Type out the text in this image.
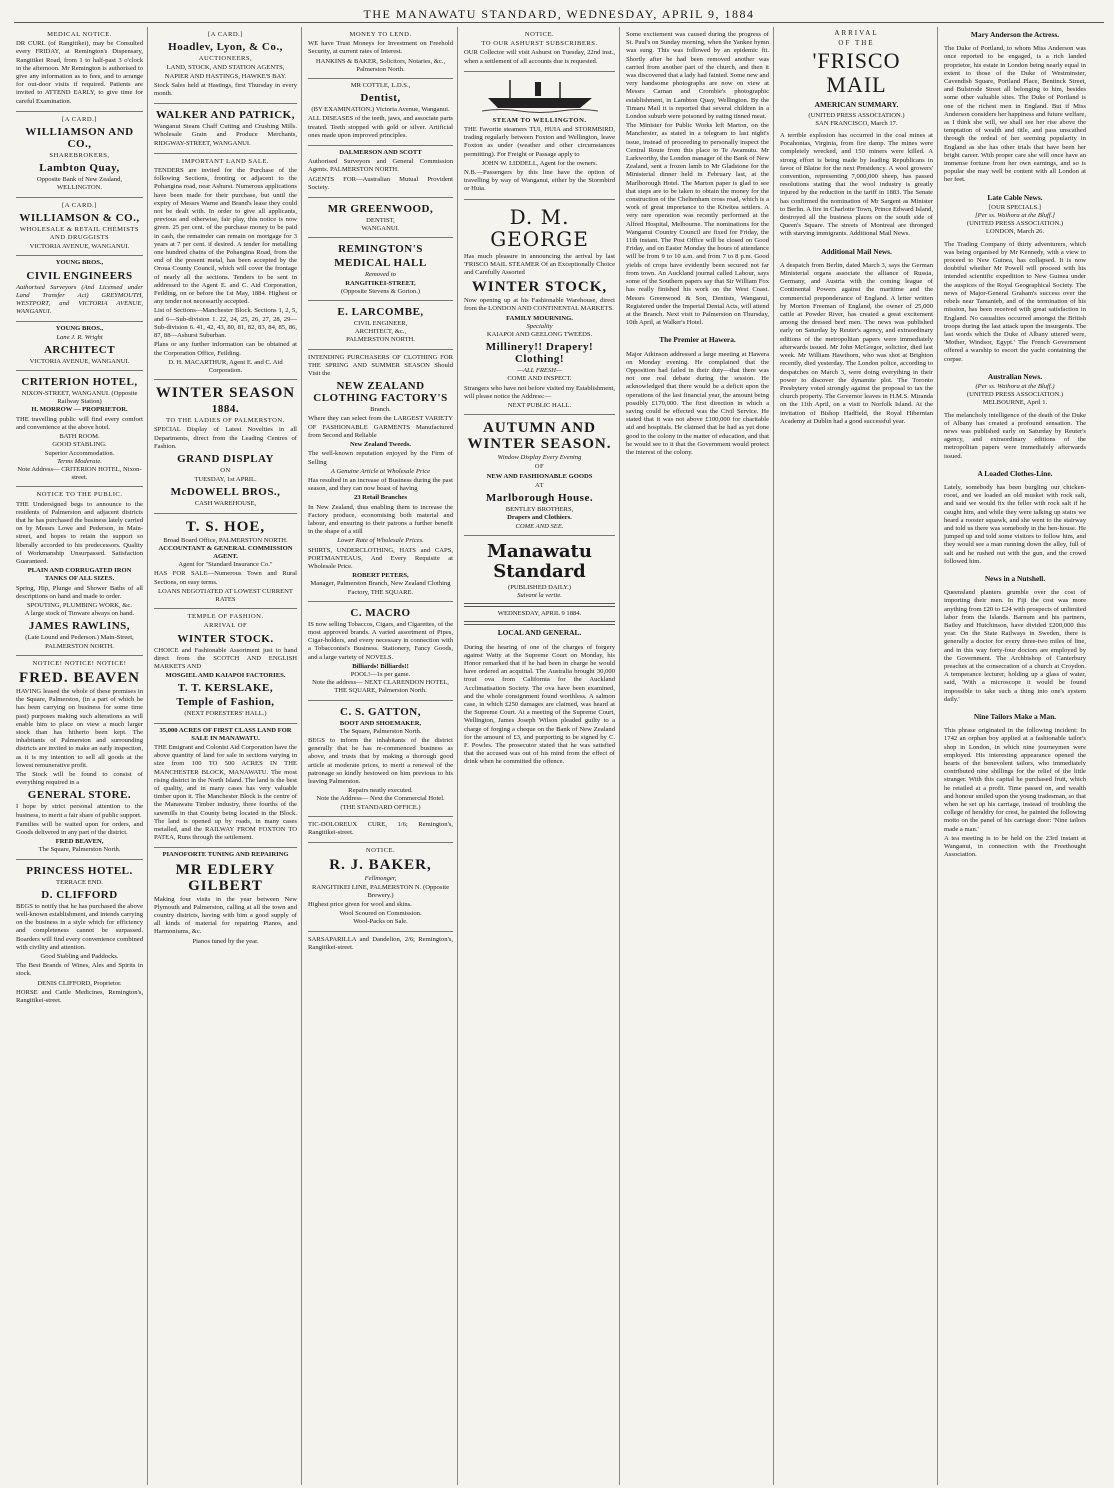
THE MANAWATU STANDARD, WEDNESDAY, APRIL 9, 1884
MEDICAL NOTICE.

DR CURL (of Rangitikei), may be Consulted every FRIDAY, at Remington's Dispensary, Rangitikei Road, from 1 to half-past 3 o'clock in the afternoon. Mr Remington is authorised to give any information as to fees, and to arrange for out-door visits if required. Patients are invited to ATTEND EARLY, to give time for careful Examination.

[A CARD.]
WILLIAMSON AND CO.,
SHAREBROKERS,
Lambton Quay,
Opposite Bank of New Zealand, WELLINGTON.
[A CARD.]
WILLIAMSON & CO.,
WHOLESALE & RETAIL CHEMISTS AND DRUGGISTS
VICTORIA AVENUE, WANGANUI.
YOUNG BROS.,
CIVIL ENGINEERS

Authorised Surveyors (And Licensed under Land Transfer Act) GREYMOUTH, WESTPORT, and VICTORIA AVENUE, WANGANUI.

YOUNG BROS.,
Lane J. R. Wright
ARCHITECT
VICTORIA AVENUE, WANGANUI.
CRITERION HOTEL,
NIXON-STREET, WANGANUI. (Opposite Railway Station)
H. MORROW — PROPRIETOR.

THE travelling public will find every comfort and convenience at the above hotel.

BATH ROOM.
GOOD STABLING.
Superior Accommodation.
Terms Moderate.
Note Address— CRITERION HOTEL, Nixon-street.
NOTICE TO THE PUBLIC.

THE Undersigned begs to announce to the residents of Palmerston and adjacent districts that he has purchased the business lately carried on by Messrs Lowe and Pederson, in Main-street, and hopes to retain the support so liberally accorded to his predecessors. Quality of Workmanship Unsurpassed. Satisfaction Guaranteed.

PLAIN AND CORRUGATED IRON TANKS OF ALL SIZES.

Spring, Hip, Plunge and Shower Baths of all descriptions on hand and made to order.

SPOUTING, PLUMBING WORK, &c.
A large stock of Tinware always on hand.
JAMES RAWLINS,
(Late Lound and Pederson.) Main-Street, PALMERSTON NORTH.
NOTICE! NOTICE! NOTICE!
FRED. BEAVEN

HAVING leased the whole of these premises in the Square, Palmerston, (in a part of which he has been carrying on business for some time past) purposes making such alterations as will enable him to place on view a much larger stock than has hitherto been kept. The inhabitants of Palmerston and surrounding districts are invited to make an early inspection, as it is my intention to sell all goods at the lowest remunerative profit.

The Stock will be found to consist of everything required in a

GENERAL STORE.

I hope by strict personal attention to the business, to merit a fair share of public support.

Families will be waited upon for orders, and Goods delivered in any part of the district.

FRED BEAVEN,
The Square, Palmerston North.
PRINCESS HOTEL.
TERRACE END.
D. CLIFFORD

BEGS to notify that he has purchased the above well-known establishment, and intends carrying on the business in a style which for efficiency and completeness cannot be surpassed. Boarders will find every convenience combined with civility and attention.

Good Stabling and Paddocks.

The Best Brands of Wines, Ales and Spirits in stock.

DENIS CLIFFORD, Proprietor.

HORSE and Cattle Medicines, Remington's, Rangitikei-street.

[A CARD.]
Hoadlev, Lyon, & Co.,
AUCTIONEERS,
LAND, STOCK, AND STATION AGENTS, NAPIER AND HASTINGS, HAWKE'S BAY.

Stock Sales held at Hastings, first Thursday in every month.

WALKER AND PATRICK,

Wanganui Steam Chaff Cutting and Crushing Mills. Wholesale Grain and Produce Merchants, RIDGWAY-STREET, WANGANUI.

IMPORTANT LAND SALE.

TENDERS are invited for the Purchase of the following Sections, fronting or adjacent to the Pohangina road, near Ashurst. Numerous applications have been made for their purchase, but until the expiry of Messrs Warne and Brand's lease they could not be dealt with. In order to give all applicants, previous and otherwise, fair play, this notice is now given. 25 per cent. of the purchase money to be paid in cash, the remainder can remain on mortgage for 3 years at 7 per cent. if desired. A tender for metalling one hundred chains of the Pohangina Road, from the end of the present metal, has been accepted by the Oroua County Council, which will cover the frontage of nearly all the sections. Tenders to be sent in addressed to the Agent E. and C. Aid Corporation, Feilding, on or before the 1st May, 1884. Highest or any tender not necessarily accepted.

List of Sections—Manchester Block. Sections 1, 2, 5, and 6—Sub-division 1. 22, 24, 25, 26, 27, 28, 29—Sub-division 6. 41, 42, 43, 80, 81, 82, 83, 84, 85, 86, 87, 88—Ashurst Suburban.

Plans or any further information can be obtained at the Corporation Office, Feilding.

D. H. MACARTHUR, Agent E. and C. Aid Corporation.
WINTER SEASON
1884.
TO THE LADIES OF PALMERSTON.

SPECIAL Display of Latest Novelties in all Departments, direct from the Leading Centres of Fashion.

GRAND DISPLAY
ON
TUESDAY, 1st APRIL.
McDOWELL BROS.,
CASH WAREHOUSE,
T. S. HOE,
Broad Board Office, PALMERSTON NORTH.
ACCOUNTANT & GENERAL COMMISSION AGENT.
Agent for "Standard Insurance Co."

HAS FOR SALE—Numerous Town and Rural Sections, on easy terms.

LOANS NEGOTIATED AT LOWEST CURRENT RATES
TEMPLE OF FASHION.
ARRIVAL OF
WINTER STOCK.

CHOICE and Fashionable Assortment just to hand direct from the SCOTCH AND ENGLISH MARKETS AND

MOSGIEL AMD KAIAPOI FACTORIES.
T. T. KERSLAKE,
Temple of Fashion,
(NEXT FORESTERS' HALL.)
35,000 ACRES OF FIRST CLASS LAND FOR SALE IN MANAWATU.

THE Emigrant and Colonist Aid Corporation have the above quantity of land for sale in sections varying in size from 100 TO 500 ACRES IN THE MANCHESTER BLOCK, MANAWATU. The most rising district in the North Island. The land is the best of quality, and in many cases has very valuable timber upon it. The Manchester Block is the centre of the Manawatu Timber industry, three fourths of the sawmills in that County being located in the Block. The land is opened up by roads, in many cases metalled, and the RAILWAY FROM FOXTON TO PATEA, Runs through the settlement.

PIANOFORTE TUNING AND REPAIRING
MR EDLERY GILBERT

Making four visits in the year between New Plymouth and Palmerston, calling at all the town and country districts, having with him a good supply of all kinds of material for repairing Pianos, and Harmoniums, &c.

Pianos tuned by the year.
MONEY TO LEND.

WE have Trust Moneys for Investment on Freehold Security, at current rates of Interest.

HANKINS & BAKER, Solicitors, Notaries, &c., Palmerston North.
MR COTTLE, L.D.S.,
Dentist,
(BY EXAMINATION.) Victoria Avenue, Wanganui.

ALL DISEASES of the teeth, jaws, and associate parts treated. Teeth stopped with gold or silver. Artificial ones made upon improved principles.

DALMERSON AND SCOTT

Authorised Surveyors and General Commission Agents. PALMERSTON NORTH.

AGENTS FOR—Australian Mutual Provident Society.

MR GREENWOOD,
DENTIST,
WANGANUI.
REMINGTON'S
MEDICAL HALL
Removed to
RANGITIKEI-STREET,
(Opposite Stevens & Gorton.)
E. LARCOMBE,
CIVIL ENGINEER,
ARCHITECT, &c.,
PALMERSTON NORTH.

INTENDING PURCHASERS OF CLOTHING FOR THE SPRING AND SUMMER SEASON Should Visit the

NEW ZEALAND CLOTHING FACTORY'S
Branch.

Where they can select from the LARGEST VARIETY OF FASHIONABLE GARMENTS Manufactured from Second and Reliable

New Zealand Tweeds.

The well-known reputation enjoyed by the Firm of Selling

A Genuine Article at Wholesale Price

Has resulted in an increase of Business during the past season, and they can now boast of having

23 Retail Branches

In New Zealand, thus enabling them to increase the Factory produce, economising both material and labour, and ensuring to their patrons a further benefit in the shape of a still

Lower Rate of Wholesale Prices.

SHIRTS, UNDERCLOTHING, HATS and CAPS, PORTMANTEAUS, And Every Requisite at Wholesale Price.

ROBERT PETERS,
Manager, Palmerston Branch, New Zealand Clothing Factory, THE SQUARE.
C. MACRO

IS now selling Tobaccos, Cigars, and Cigarettes, of the most approved brands. A varied assortment of Pipes, Cigar-holders, and every necessary in connection with a Tobacconist's Business. Stationery, Fancy Goods, and a large variety of NOVELS.

Billiards! Billiards!!
POOL!—1s per game.
Note the address— NEXT CLARENDON HOTEL, THE SQUARE, Palmerston North.
C. S. GATTON,
BOOT AND SHOEMAKER,
The Square, Palmerston North.

BEGS to inform the inhabitants of the district generally that he has re-commenced business as above, and trusts that by making a thorough good article at moderate prices, to merit a renewal of the patronage so kindly bestowed on him previous to his leaving Palmerston.

Repairs neatly executed.
Note the Address— Next the Commercial Hotel. (THE STANDARD OFFICE.)

TIC-DOLOREUX CURE, 1/6; Remington's, Rangitikei-street.

NOTICE.
R. J. BAKER,
Fellmonger,
RANGITIKEI LINE, PALMERSTON N. (Opposite Brewery.)

Highest price given for wool and skins.

Wool Scoured on Commission.
Wool-Packs on Sale.

SARSAPARILLA and Dandelion, 2/6; Remington's, Rangitikei-street.

NOTICE.
TO OUR ASHURST SUBSCRIBERS.

OUR Collector will visit Ashurst on Tuesday, 22nd inst., when a settlement of all accounts due is requested.

STEAM TO WELLINGTON.

THE Favorite steamers TUI, HUIA and STORMBIRD, trading regularly between Foxton and Wellington, leave Foxton as under (weather and other circumstances permitting). For Freight or Passage apply to

JOHN W. LIDDELL, Agent for the owners.

N.B.—Passengers by this line have the option of travelling by way of Wanganui, either by the Stormbird or Huia.

D. M. GEORGE

Has much pleasure in announcing the arrival by last 'FRISCO MAIL STEAMER Of an Exceptionally Choice and Carefully Assorted

WINTER STOCK,

Now opening up at his Fashionable Warehouse, direct from the LONDON AND CONTINENTAL MARKETS.

FAMILY MOURNING.
Speciality
KAIAPOI AND GEELONG TWEEDS.
Millinery!! Drapery! Clothing!
—ALL FRESH—
COME AND INSPECT.

Strangers who have not before visited my Establishment, will please notice the Address:—

NEXT PUBLIC HALL.
AUTUMN AND WINTER SEASON.
Window Display Every Evening
OF
NEW AND FASHIONABLE GOODS
AT
Marlborough House.
BENTLEY BROTHERS,
Drapers and Clothiers.
COME AND SEE.
Manawatu Standard
(PUBLISHED DAILY.)
Suivant la verite.
WEDNESDAY, APRIL 9 1884.
LOCAL AND GENERAL.

During the hearing of one of the charges of forgery against Watty at the Supreme Court on Monday, his Honor remarked that if he had been in charge he would have ordered an acquittal. The Australia brought 30,000 trout ova from California for the Auckland Acclimatisation Society. The ova have been examined, and the whole consignment found worthless. A salmon case, in which £250 damages are claimed, was heard at the Supreme Court. At a meeting of the Supreme Court, Wellington, James Joseph Wilson pleaded guilty to a charge of forging a cheque on the Bank of New Zealand for the amount of £3, and purporting to be signed by C. F. Powles. The prosecutor stated that he was satisfied that the accused was out of his mind from the effect of drink when he committed the offence.

Some excitement was caused during the progress of St. Paul's on Sunday morning, when the Yankee hymn was sung. This was followed by an epidemic fit. Shortly after he had been removed another was carried from another part of the church, and then it was discovered that a lady had fainted. Some new and very handsome photographs are now on view at Messrs Carnan and Crombie's photographic establishment, in Lambton Quay, Wellington. By the Timaru Mail it is reported that several children in a London suburb were poisoned by eating tinned meat.

The Minister for Public Works left Marton, on the Manchester, as stated in a telegram to last night's issue, instead of proceeding to personally inspect the Central Route from this place to Te Awamutu. Mr Larkworthy, the London manager of the Bank of New Zealand, sent a frozen lamb to Mr Gladstone for the Ministerial dinner held in February last, at the Marlborough Hotel. The Marton paper is glad to see that steps are to be taken to obtain the money for the construction of the Cheltenham cross road, which is a work of great importance to the Kiwitea settlers. A very rare operation was recently performed at the Alfred Hospital, Melbourne. The nominations for the Wanganui Country Council are fixed for Friday, the 11th instant. The Post Office will be closed on Good Friday, and on Easter Monday the hours of attendance will be from 9 to 10 a.m. and from 7 to 8 p.m. Good yields of crops have evidently been secured not far from town. An Auckland journal called Labour, says some of the Southern papers say that Sir William Fox has really finished his work on the West Coast. Messrs Greenwood & Son, Dentists, Wanganui, Registered under the Imperial Dental Acts, will attend at the Branch. Next visit to Palmerston on Thursday, 10th April, at Walker's Hotel.

The Premier at Hawera.

Major Atkinson addressed a large meeting at Hawera on Monday evening. He complained that the Opposition had failed in their duty—that there was not one real debate during the session. He acknowledged that there would be a deficit upon the operations of the last financial year, the amount being possibly £170,000. The first direction in which a saving could be effected was the Civil Service. He stated that it was not above £100,000 for charitable aid and hospitals. He claimed that he had as yet done good to the colony in the matter of education, and that he would see to it that the Government would protect the interest of the colony.

ARRIVAL
OF THE
'FRISCO MAIL
AMERICAN SUMMARY.
(UNITED PRESS ASSOCIATION.)
SAN FRANCISCO, March 17.

A terrible explosion has occurred in the coal mines at Pocahontas, Virginia, from fire damp. The mines were completely wrecked, and 150 miners were killed. A strong effort is being made by leading Republicans in favor of Blaine for the next Presidency. A wool growers' convention, representing 7,000,000 sheep, has passed resolutions stating that the wool industry is greatly injured by the reduction in the tariff in 1883. The Senate has confirmed the nomination of Mr Sargent as Minister to Berlin. A fire in Charlotte Town, Prince Edward Island, destroyed all the business places on the south side of Queen's Square. The streets of Montreal are thronged with starving immigrants. Additional Mail News.

Additional Mail News.

A despatch from Berlin, dated March 3, says the German Ministerial organs associate the alliance of Russia, Germany, and Austria with the coming league of Continental Powers against the maritime and the commercial preponderance of England. A letter written by Morton Freeman of England, the owner of 25,000 cattle at Powder River, has created a great excitement among the dressed beef men. The news was published early on Saturday by Reuter's agency, and extraordinary editions of the metropolitan papers were immediately afterwards issued. Mr John McGregor, solicitor, died last week. Mr William Hawthorn, who was shot at Brighton recently, died yesterday. The London police, according to despatches on March 3, were doing everything in their power to discover the dynamite plot. The Toronto Presbytery voted strongly against the proposal to tax the church property. The Governor leaves in H.M.S. Miranda on the 11th April, on a visit to Norfolk Island. At the invitation of Bishop Hadfield, the Royal Hibernian Academy at Dublin had a good successful year.

Mary Anderson the Actress.

The Duke of Portland, to whom Miss Anderson was once reported to be engaged, is a rich landed proprietor, his estate in London being nearly equal in extent to those of the Duke of Westminster, Cavendish Square, Portland Place, Bentinck Street, and Bulstrode Street all belonging to him, besides some other valuable sites. The Duke of Portland is one of the richest men in England. But if Miss Anderson considers her happiness and future welfare, as I think she will, we shall see her rise above the temptation of wealth and title, and pass unscathed through the ordeal of her seeming popularity in England as she has other trials that have been her bright career. With proper care she will once have an immense fortune from her own earnings, and so is popular she may well be content with all London at her feet.

Late Cable News.
[OUR SPECIALS.]
[Per ss. Waihora at the Bluff.]
(UNITED PRESS ASSOCIATION.)
LONDON, March 26.

The Trading Company of thirty adventurers, which was being organised by Mr Kennedy, with a view to proceed to New Guinea, has collapsed. It is now doubtful whether Mr Powell will proceed with his intended scientific expedition to New Guinea under the auspices of the Royal Geographical Society. The news of Major-General Graham's success over the rebels near Tamanieb, and of the termination of his mission, has been received with great satisfaction in England. No casualties occurred amongst the British troops during the last attack upon the insurgents. The last words which the Duke of Albany uttered were, 'Mother, Windsor, Egypt.' The French Government offered a warship to escort the yacht containing the corpse.

Australian News.
(Per ss. Waihora at the Bluff.)
(UNITED PRESS ASSOCIATION.)
MELBOURNE, April 1.

The melancholy intelligence of the death of the Duke of Albany has created a profound sensation. The news was published early on Saturday by Reuter's agency, and extraordinary editions of the metropolitan papers were immediately afterwards issued.

A Loaded Clothes-Line.

Lately, somebody has been burgling our chicken-roost, and we loaded an old musket with rock salt, and said we would fix the feller with rock salt if he caught him, and while they were talking up stairs we heard a rooster squawk, and she went to the stairway and told us there was somebody in the hen-house. He jumped up and told some visitors to follow him, and they would see a man running down the alley, full of salt and he rushed out with the gun, and the crowd followed him.

News in a Nutshell.

Queensland planters grumble over the cost of importing their men. In Fiji the cost was more anything from £20 to £24 with prospects of unlimited labor from the Islands. Barnum and his partners, Bailey and Hutchinson, have divided £200,000 this year. On the State Railways in Sweden, there is generally a doctor for every three-two miles of line, and in this way forty-four doctors are employed by the Government. The Archbishop of Canterbury preaches at the consecration of a church at Croydon. A temperance lecturer, holding up a glass of water, said, 'With a microscope it would be found impossible to take such a thing into one's system daily.'

Nine Tailors Make a Man.

This phrase originated in the following incident: In 1742 an orphan boy applied at a fashionable tailor's shop in London, in which nine journeymen were employed. His interesting appearance opened the hearts of the benevolent tailors, who immediately contributed nine shillings for the relief of the little stranger. With this capital he purchased fruit, which he retailed at a profit. Time passed on, and wealth and honour smiled upon the young tradesman, so that when he set up his carriage, instead of troubling the college of heraldry for crest, he painted the following motto on the panel of his carriage door: 'Nine tailors made a man.'

A tea meeting is to be held on the 23rd instant at Wanganui, in connection with the Freethought Association.
